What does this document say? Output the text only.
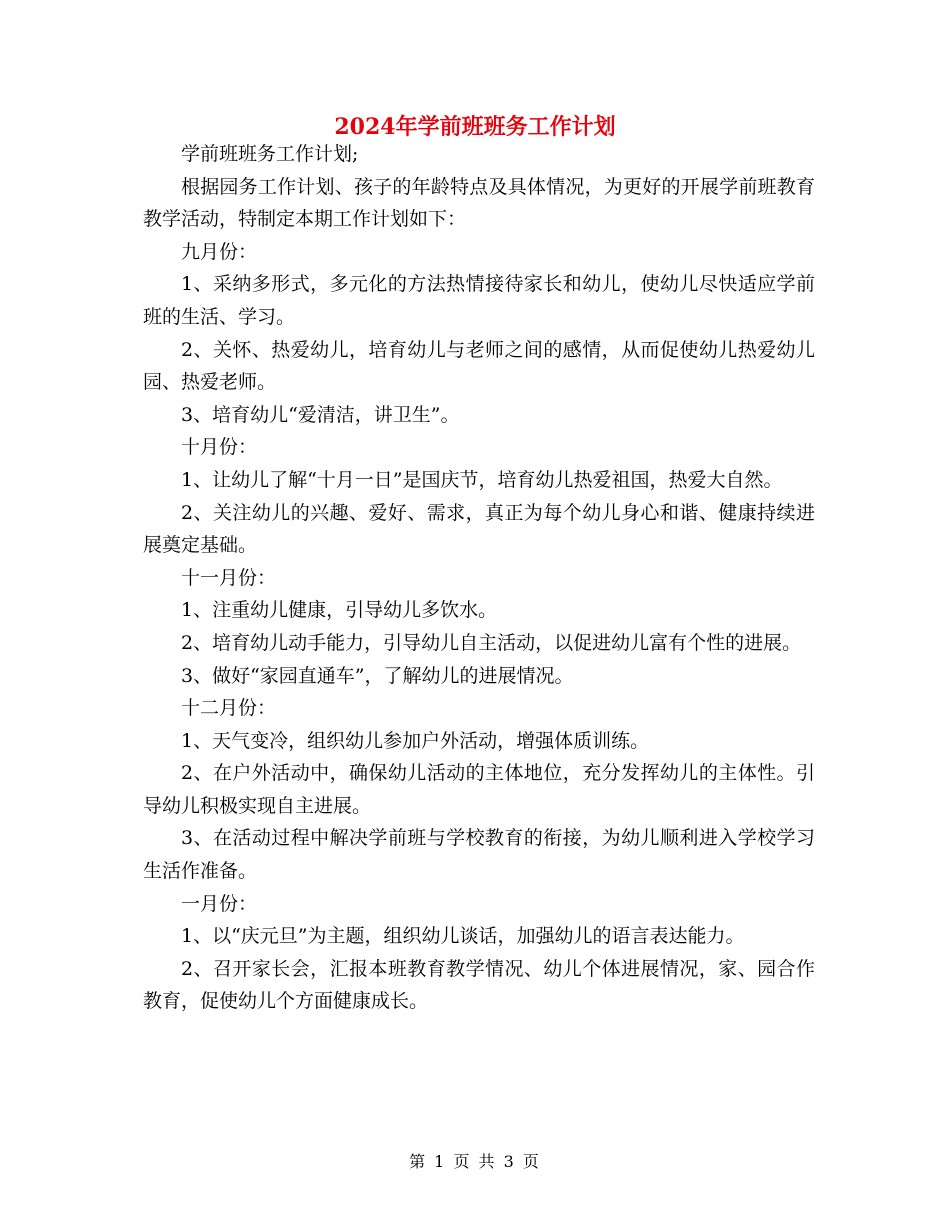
2024年学前班班务工作计划

学前班班务工作计划;

根据园务工作计划、孩子的年龄特点及具体情况，为更好的开展学前班教育教学活动，特制定本期工作计划如下：

九月份：

1、采纳多形式，多元化的方法热情接待家长和幼儿，使幼儿尽快适应学前班的生活、学习。

2、关怀、热爱幼儿，培育幼儿与老师之间的感情，从而促使幼儿热爱幼儿园、热爱老师。

3、培育幼儿“爱清洁，讲卫生”。

十月份：

1、让幼儿了解“十月一日”是国庆节，培育幼儿热爱祖国，热爱大自然。

2、关注幼儿的兴趣、爱好、需求，真正为每个幼儿身心和谐、健康持续进展奠定基础。

十一月份：

1、注重幼儿健康，引导幼儿多饮水。

2、培育幼儿动手能力，引导幼儿自主活动，以促进幼儿富有个性的进展。

3、做好“家园直通车”，了解幼儿的进展情况。

十二月份：

1、天气变冷，组织幼儿参加户外活动，增强体质训练。

2、在户外活动中，确保幼儿活动的主体地位，充分发挥幼儿的主体性。引导幼儿积极实现自主进展。

3、在活动过程中解决学前班与学校教育的衔接，为幼儿顺利进入学校学习生活作准备。

一月份：

1、以“庆元旦”为主题，组织幼儿谈话，加强幼儿的语言表达能力。

2、召开家长会，汇报本班教育教学情况、幼儿个体进展情况，家、园合作教育，促使幼儿个方面健康成长。

第 1 页 共 3 页
